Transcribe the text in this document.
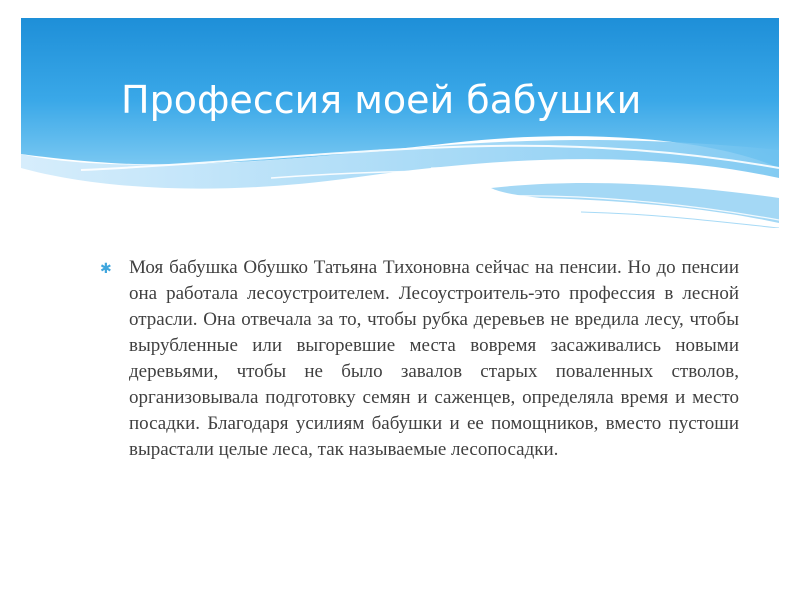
Профессия моей бабушки
✱ Моя бабушка Обушко Татьяна Тихоновна сейчас на пенсии. Но до пенсии она работала лесоустроителем. Лесоустроитель-это профессия в лесной отрасли. Она отвечала за то, чтобы рубка деревьев не вредила лесу, чтобы вырубленные или выгоревшие места вовремя засаживались новыми деревьями, чтобы не было завалов старых поваленных стволов, организовывала подготовку семян и саженцев, определяла время и место посадки. Благодаря усилиям бабушки и ее помощников, вместо пустоши вырастали целые леса, так называемые лесопосадки.
